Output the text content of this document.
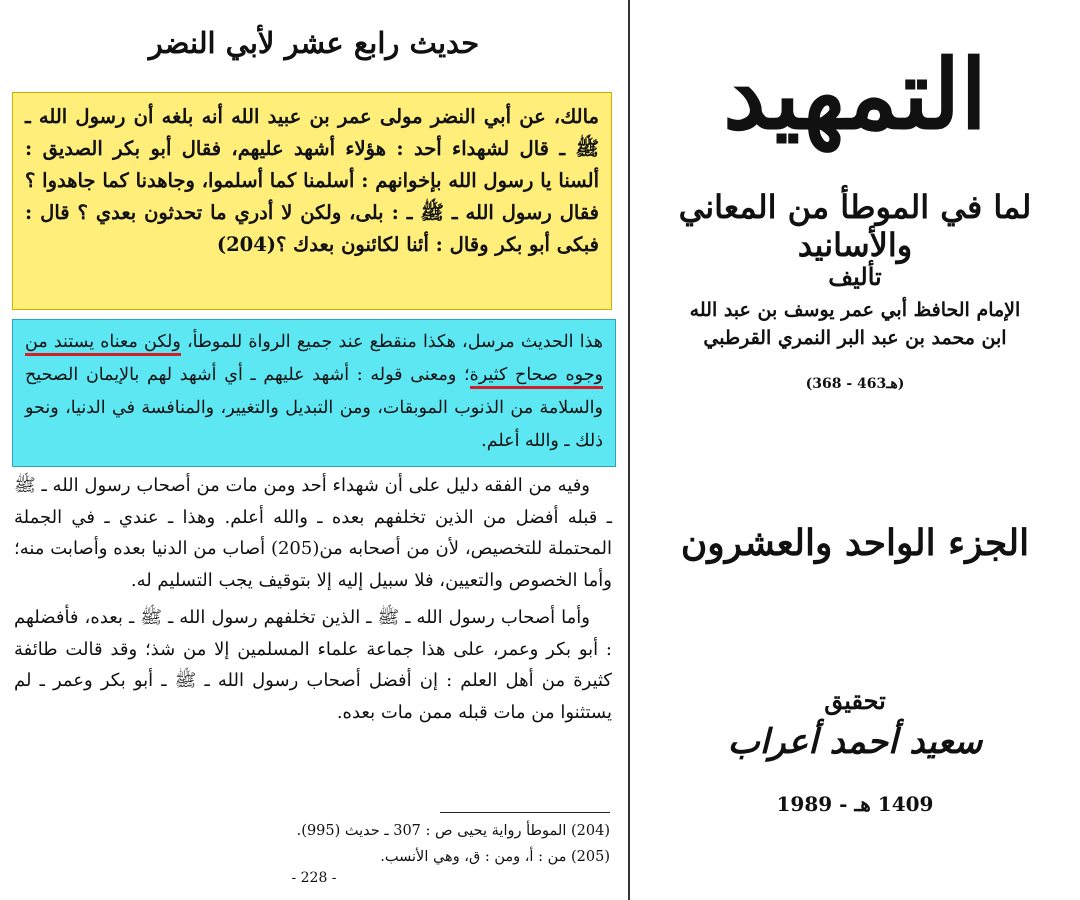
حديث رابع عشر لأبي النضر
مالك، عن أبي النضر مولى عمر بن عبيد الله أنه بلغه أن رسول الله ـ ﷺ ـ قال لشهداء أحد : هؤلاء أشهد عليهم، فقال أبو بكر الصديق : ألسنا يا رسول الله بإخوانهم : أسلمنا كما أسلموا، وجاهدنا كما جاهدوا ؟ فقال رسول الله ـ ﷺ ـ : بلى، ولكن لا أدري ما تحدثون بعدي ؟ قال : فبكى أبو بكر وقال : أئنا لكائنون بعدك ؟(204)
هذا الحديث مرسل، هكذا منقطع عند جميع الرواة للموطأ، ولكن معناه يستند من وجوه صحاح كثيرة؛ ومعنى قوله : أشهد عليهم ـ أي أشهد لهم بالإيمان الصحيح والسلامة من الذنوب الموبقات، ومن التبديل والتغيير، والمنافسة في الدنيا، ونحو ذلك ـ والله أعلم.

وفيه من الفقه دليل على أن شهداء أحد ومن مات من أصحاب رسول الله ـ ﷺ ـ قبله أفضل من الذين تخلفهم بعده ـ والله أعلم. وهذا ـ عندي ـ في الجملة المحتملة للتخصيص، لأن من أصحابه من(205) أصاب من الدنيا بعده وأصابت منه؛ وأما الخصوص والتعيين، فلا سبيل إليه إلا بتوقيف يجب التسليم له.

وأما أصحاب رسول الله ـ ﷺ ـ الذين تخلفهم رسول الله ـ ﷺ ـ بعده، فأفضلهم : أبو بكر وعمر، على هذا جماعة علماء المسلمين إلا من شذ؛ وقد قالت طائفة كثيرة من أهل العلم : إن أفضل أصحاب رسول الله ـ ﷺ ـ أبو بكر وعمر ـ لم يستثنوا من مات قبله ممن مات بعده.

(204) الموطأ رواية يحيى ص : 307 ـ حديث (995).
(205) من : أ، ومن : ق، وهي الأنسب.
- 228 -
التمهيد
لما في الموطأ من المعاني والأسانيد
تأليف
الإمام الحافظ أبي عمر يوسف بن عبد الله
ابن محمد بن عبد البر النمري القرطبي
(368 - 463هـ)
الجزء الواحد والعشرون
تحقيق
سعيد أحمد أعراب
1409 هـ - 1989
